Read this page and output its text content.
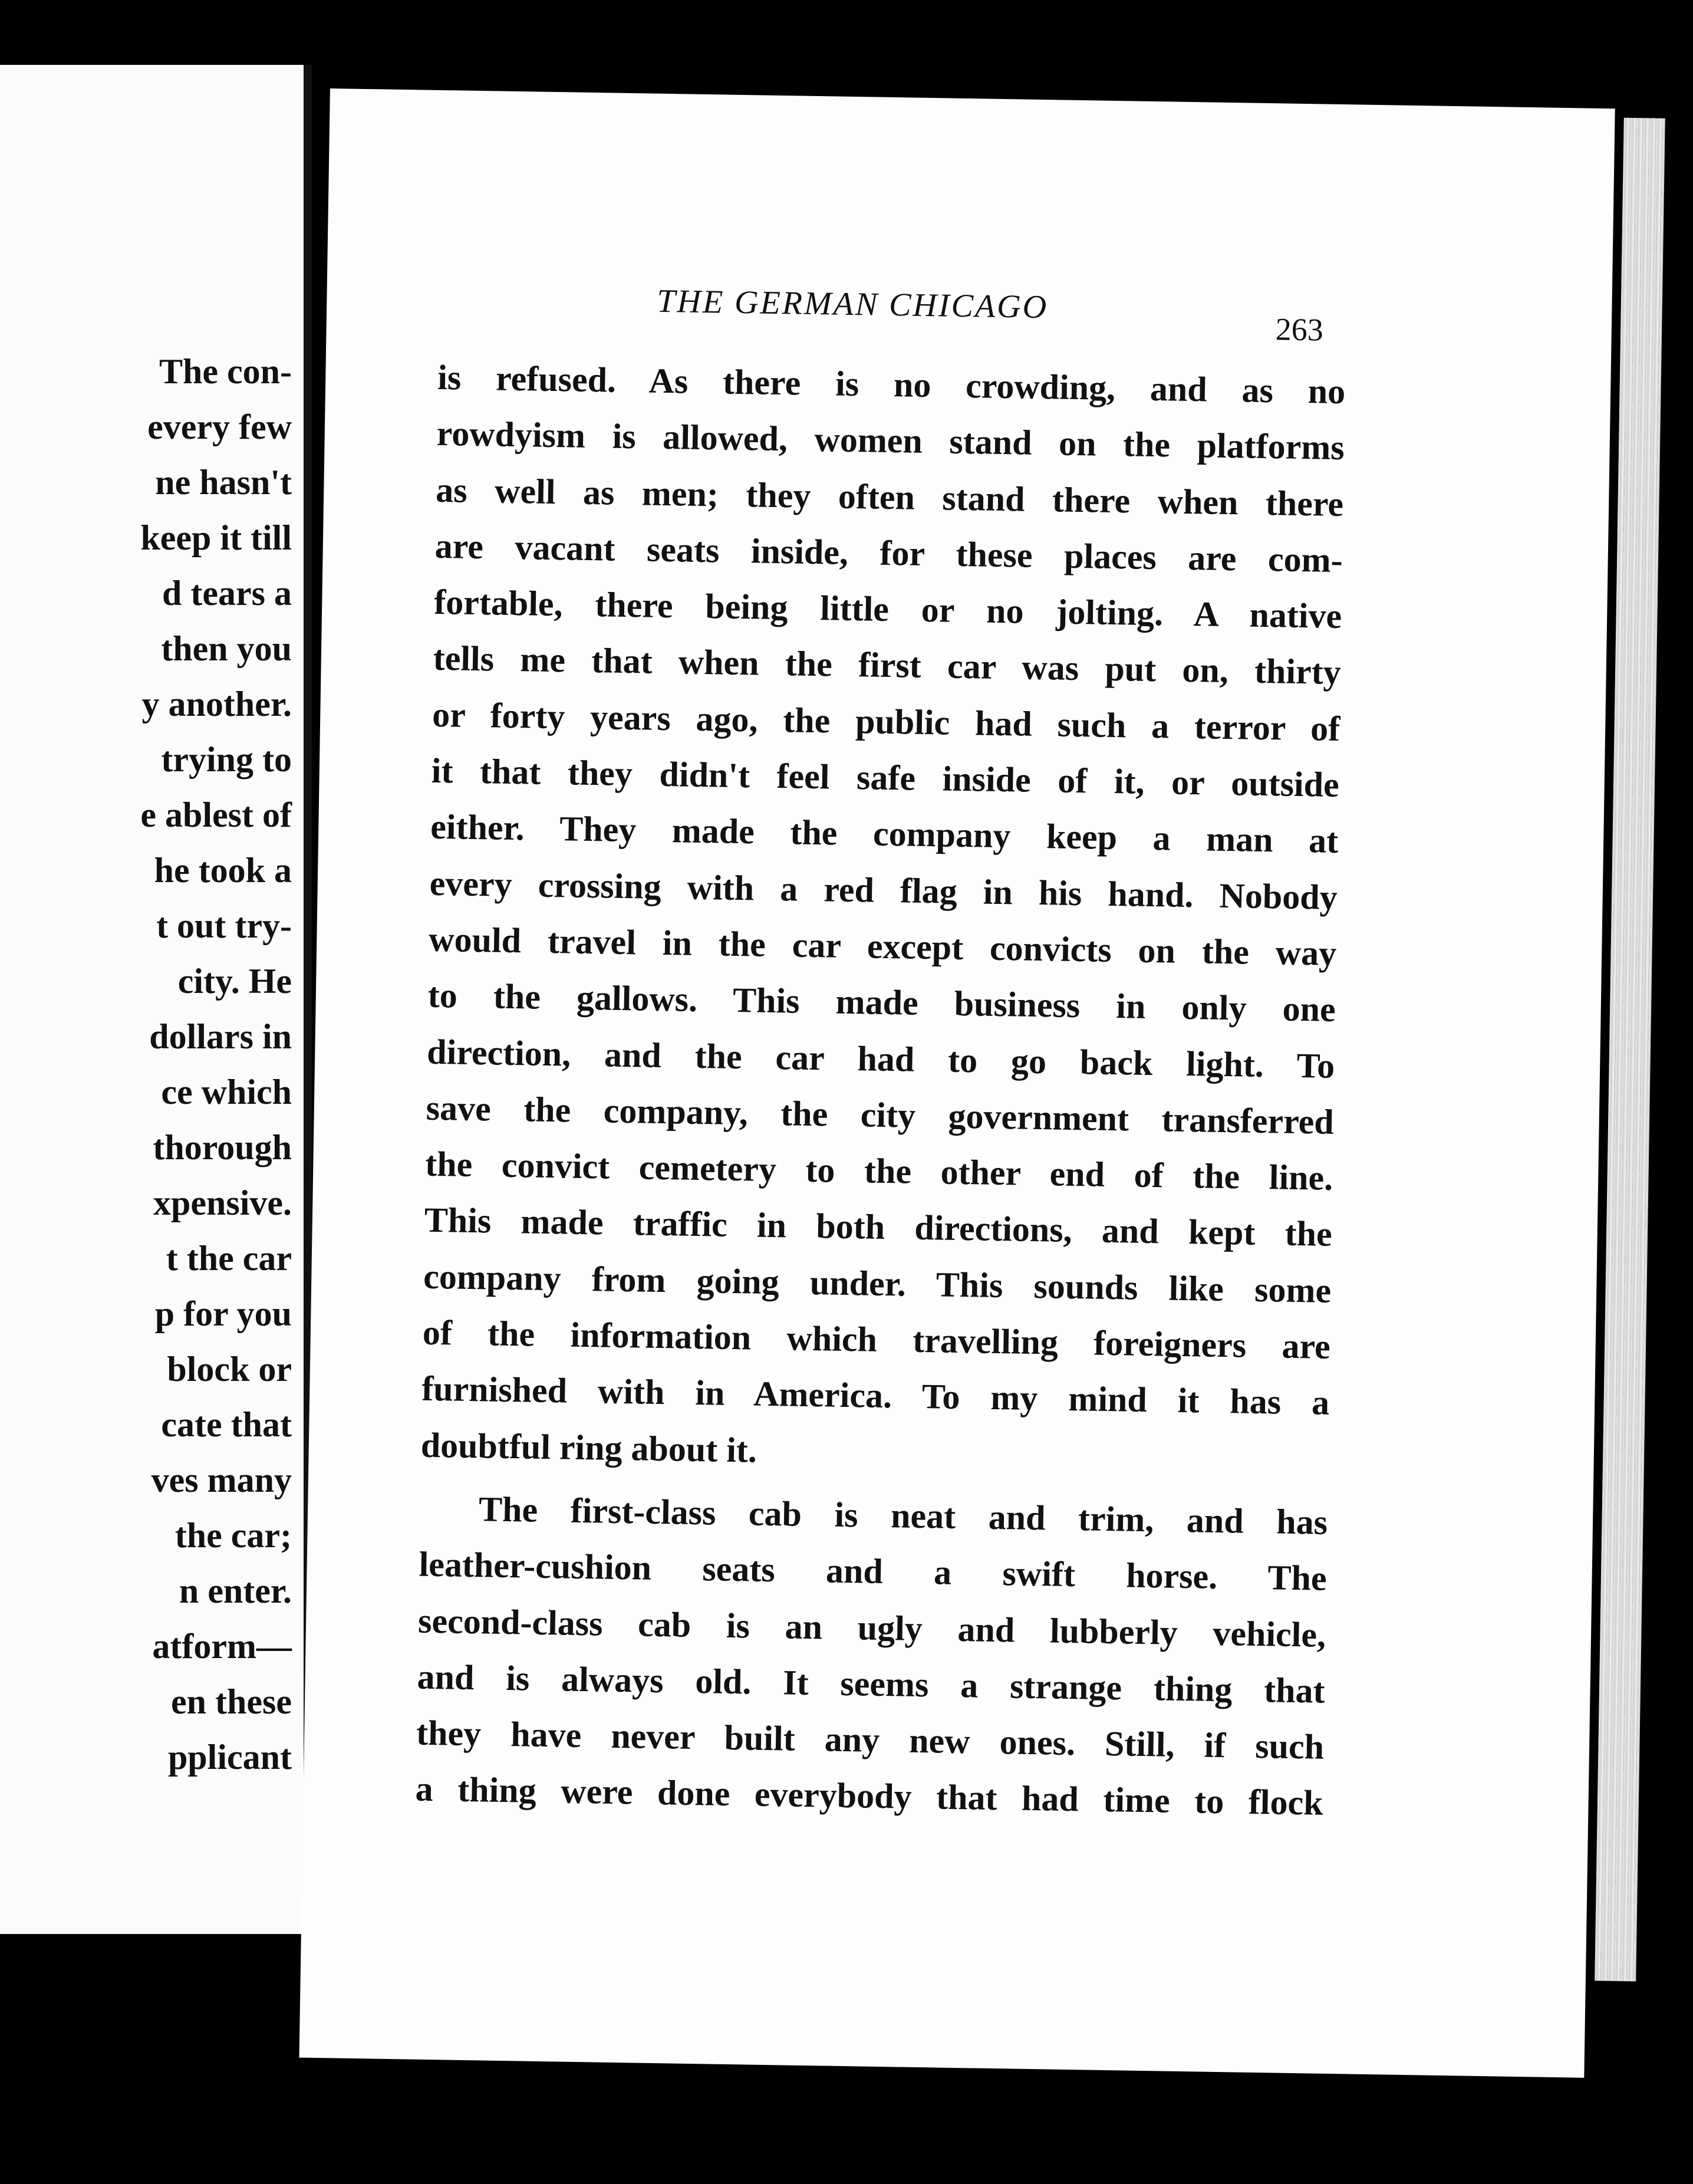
The con-
every few
ne hasn't
keep it till
d tears a
then you
y another.
trying to
e ablest of
he took a
t out try-
city. He
dollars in
ce which
thorough
xpensive.
t the car
p for you
block or
cate that
ves many
the car;
n enter.
atform—
en these
pplicant
THE GERMAN CHICAGO
263
is refused. As there is no crowding, and as no
rowdyism is allowed, women stand on the platforms
as well as men; they often stand there when there
are vacant seats inside, for these places are com-
fortable, there being little or no jolting. A native
tells me that when the first car was put on, thirty
or forty years ago, the public had such a terror of
it that they didn't feel safe inside of it, or outside
either. They made the company keep a man at
every crossing with a red flag in his hand. Nobody
would travel in the car except convicts on the way
to the gallows. This made business in only one
direction, and the car had to go back light. To
save the company, the city government transferred
the convict cemetery to the other end of the line.
This made traffic in both directions, and kept the
company from going under. This sounds like some
of the information which travelling foreigners are
furnished with in America. To my mind it has a
doubtful ring about it.
The first-class cab is neat and trim, and has
leather-cushion seats and a swift horse. The
second-class cab is an ugly and lubberly vehicle,
and is always old. It seems a strange thing that
they have never built any new ones. Still, if such
a thing were done everybody that had time to flock
